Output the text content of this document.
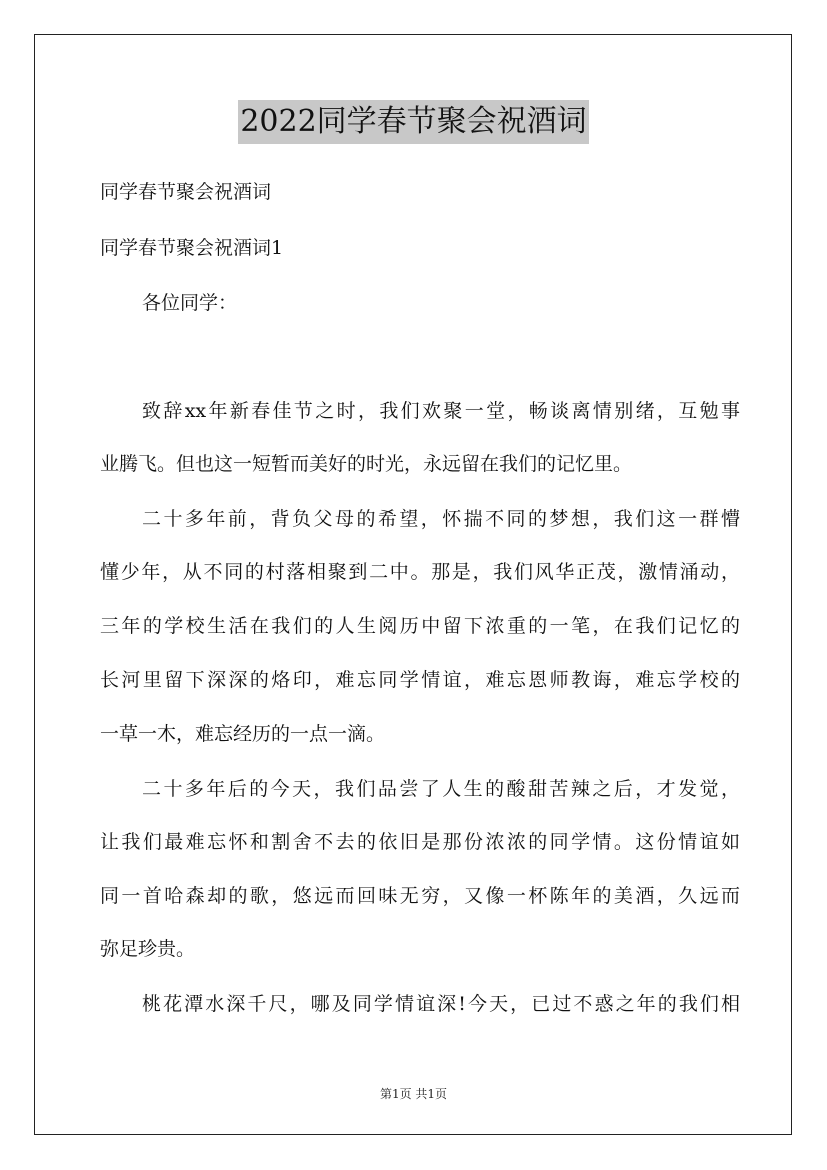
2022同学春节聚会祝酒词
同学春节聚会祝酒词
同学春节聚会祝酒词1
各位同学：
致辞xx年新春佳节之时，我们欢聚一堂，畅谈离情别绪，互勉事
业腾飞。但也这一短暂而美好的时光，永远留在我们的记忆里。
二十多年前，背负父母的希望，怀揣不同的梦想，我们这一群懵
懂少年，从不同的村落相聚到二中。那是，我们风华正茂，激情涌动，
三年的学校生活在我们的人生阅历中留下浓重的一笔，在我们记忆的
长河里留下深深的烙印，难忘同学情谊，难忘恩师教诲，难忘学校的
一草一木，难忘经历的一点一滴。
二十多年后的今天，我们品尝了人生的酸甜苦辣之后，才发觉，
让我们最难忘怀和割舍不去的依旧是那份浓浓的同学情。这份情谊如
同一首哈森却的歌，悠远而回味无穷，又像一杯陈年的美酒，久远而
弥足珍贵。
桃花潭水深千尺，哪及同学情谊深!今天，已过不惑之年的我们相
第1页 共1页
